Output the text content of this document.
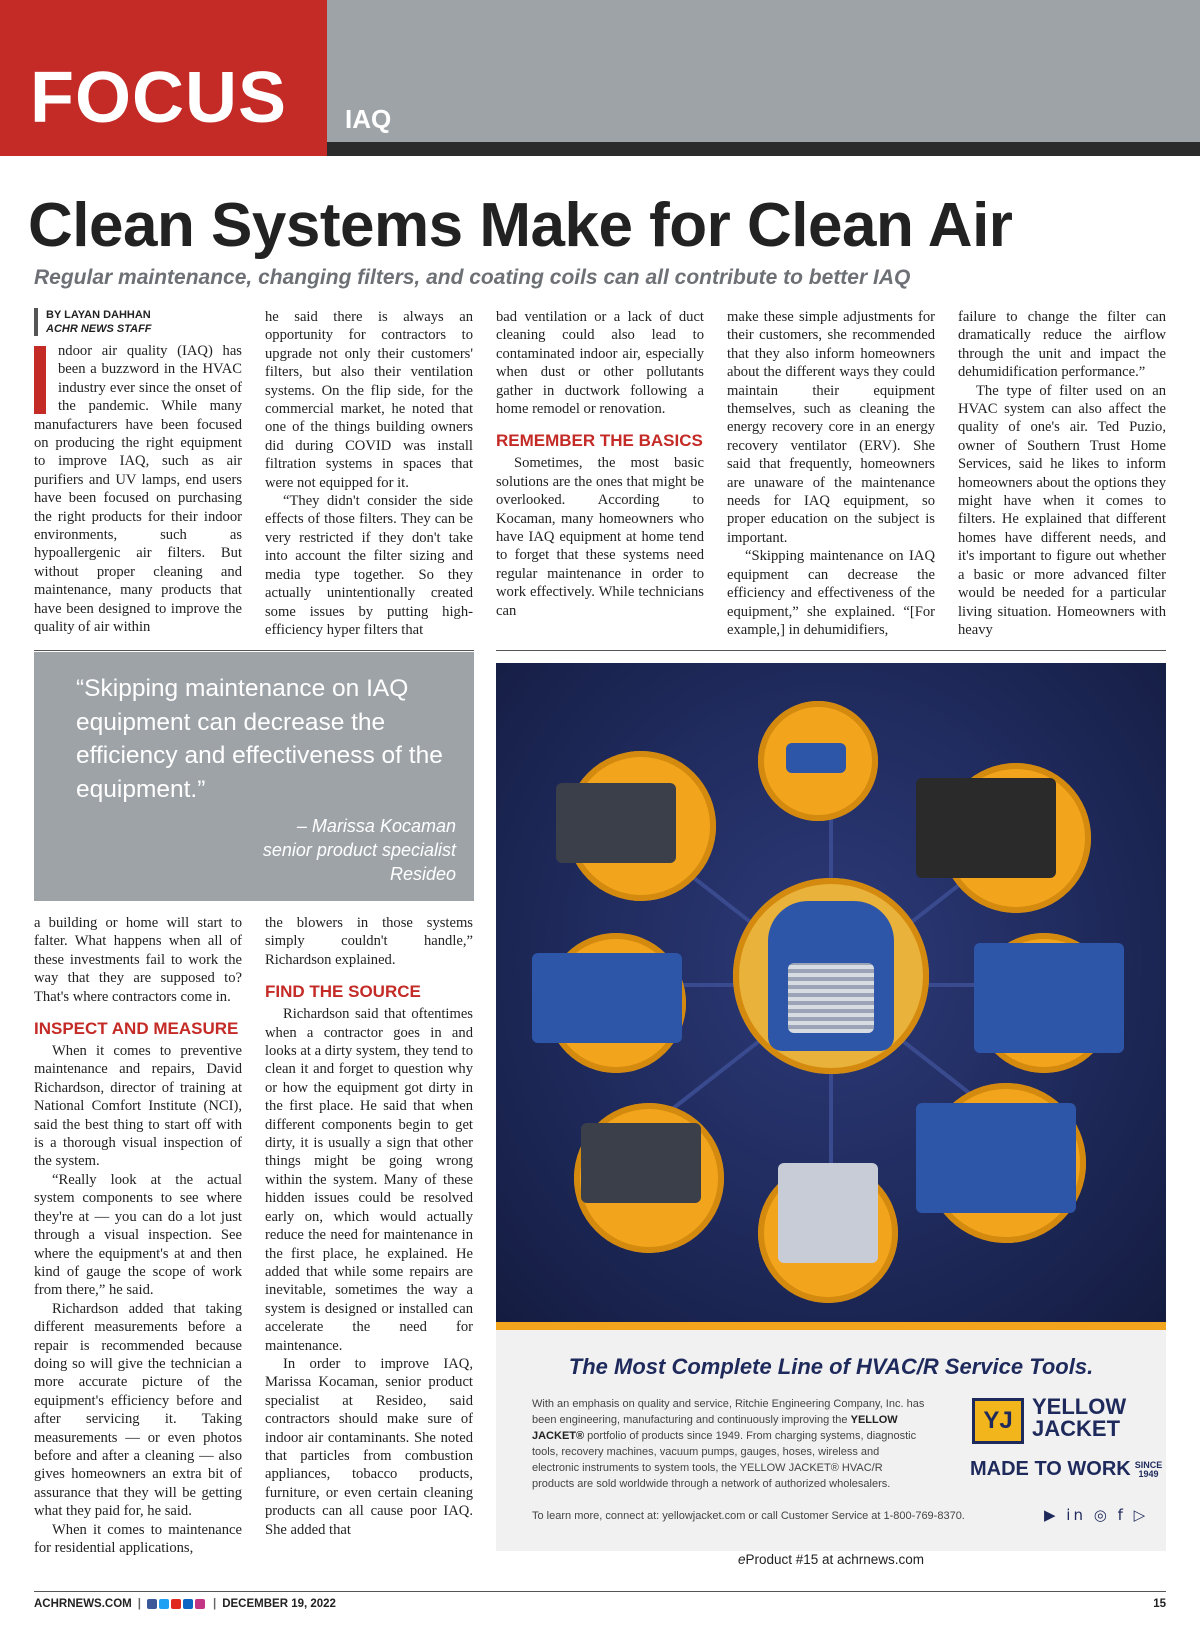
FOCUS IAQ
Clean Systems Make for Clean Air
Regular maintenance, changing filters, and coating coils can all contribute to better IAQ
BY LAYAN DAHHAN
ACHR NEWS STAFF

ndoor air quality (IAQ) has been a buzzword in the HVAC industry ever since the onset of the pandemic. While many manufacturers have been focused on producing the right equipment to improve IAQ, such as air purifiers and UV lamps, end users have been focused on purchasing the right products for their indoor environments, such as hypoallergenic air filters. But without proper cleaning and maintenance, many products that have been designed to improve the quality of air within

he said there is always an opportunity for contractors to upgrade not only their customers' filters, but also their ventilation systems. On the flip side, for the commercial market, he noted that one of the things building owners did during COVID was install filtration systems in spaces that were not equipped for it.

“They didn't consider the side effects of those filters. They can be very restricted if they don't take into account the filter sizing and media type together. So they actually unintentionally created some issues by putting high-efficiency hyper filters that

bad ventilation or a lack of duct cleaning could also lead to contaminated indoor air, especially when dust or other pollutants gather in ductwork following a home remodel or renovation.

REMEMBER THE BASICS

Sometimes, the most basic solutions are the ones that might be overlooked. According to Kocaman, many homeowners who have IAQ equipment at home tend to forget that these systems need regular maintenance in order to work effectively. While technicians can

make these simple adjustments for their customers, she recommended that they also inform homeowners about the different ways they could maintain their equipment themselves, such as cleaning the energy recovery core in an energy recovery ventilator (ERV). She said that frequently, homeowners are unaware of the maintenance needs for IAQ equipment, so proper education on the subject is important.

“Skipping maintenance on IAQ equipment can decrease the efficiency and effectiveness of the equipment,” she explained. “[For example,] in dehumidifiers,

failure to change the filter can dramatically reduce the airflow through the unit and impact the dehumidification performance.”

The type of filter used on an HVAC system can also affect the quality of one's air. Ted Puzio, owner of Southern Trust Home Services, said he likes to inform homeowners about the options they might have when it comes to filters. He explained that different homes have different needs, and it's important to figure out whether a basic or more advanced filter would be needed for a particular living situation. Homeowners with heavy

“Skipping maintenance on IAQ equipment can decrease the efficiency and effectiveness of the equipment.”
– Marissa Kocaman
senior product specialist
Resideo

a building or home will start to falter. What happens when all of these investments fail to work the way that they are supposed to? That's where contractors come in.

INSPECT AND MEASURE

When it comes to preventive maintenance and repairs, David Richardson, director of training at National Comfort Institute (NCI), said the best thing to start off with is a thorough visual inspection of the system.

“Really look at the actual system components to see where they're at — you can do a lot just through a visual inspection. See where the equipment's at and then kind of gauge the scope of work from there,” he said.

Richardson added that taking different measurements before a repair is recommended because doing so will give the technician a more accurate picture of the equipment's efficiency before and after servicing it. Taking measurements — or even photos before and after a cleaning — also gives homeowners an extra bit of assurance that they will be getting what they paid for, he said.

When it comes to maintenance for residential applications,

the blowers in those systems simply couldn't handle,” Richardson explained.

FIND THE SOURCE

Richardson said that oftentimes when a contractor goes in and looks at a dirty system, they tend to clean it and forget to question why or how the equipment got dirty in the first place. He said that when different components begin to get dirty, it is usually a sign that other things might be going wrong within the system. Many of these hidden issues could be resolved early on, which would actually reduce the need for maintenance in the first place, he explained. He added that while some repairs are inevitable, sometimes the way a system is designed or installed can accelerate the need for maintenance.

In order to improve IAQ, Marissa Kocaman, senior product specialist at Resideo, said contractors should make sure of indoor air contaminants. She noted that particles from combustion appliances, tobacco products, furniture, or even certain cleaning products can all cause poor IAQ. She added that

The Most Complete Line of HVAC/R Service Tools.
With an emphasis on quality and service, Ritchie Engineering Company, Inc. has been engineering, manufacturing and continuously improving the YELLOW JACKET® portfolio of products since 1949. From charging systems, diagnostic tools, recovery machines, vacuum pumps, gauges, hoses, wireless and electronic instruments to system tools, the YELLOW JACKET® HVAC/R products are sold worldwide through a network of authorized wholesalers.
To learn more, connect at: yellowjacket.com or call Customer Service at 1-800-769-8370.
YJ
YELLOW
JACKET
MADE TO WORK SINCE
1949
▶ in ◎ f ▷
eProduct #15 at achrnews.com
ACHRNEWS.COM |	| DECEMBER 19, 2022	15
